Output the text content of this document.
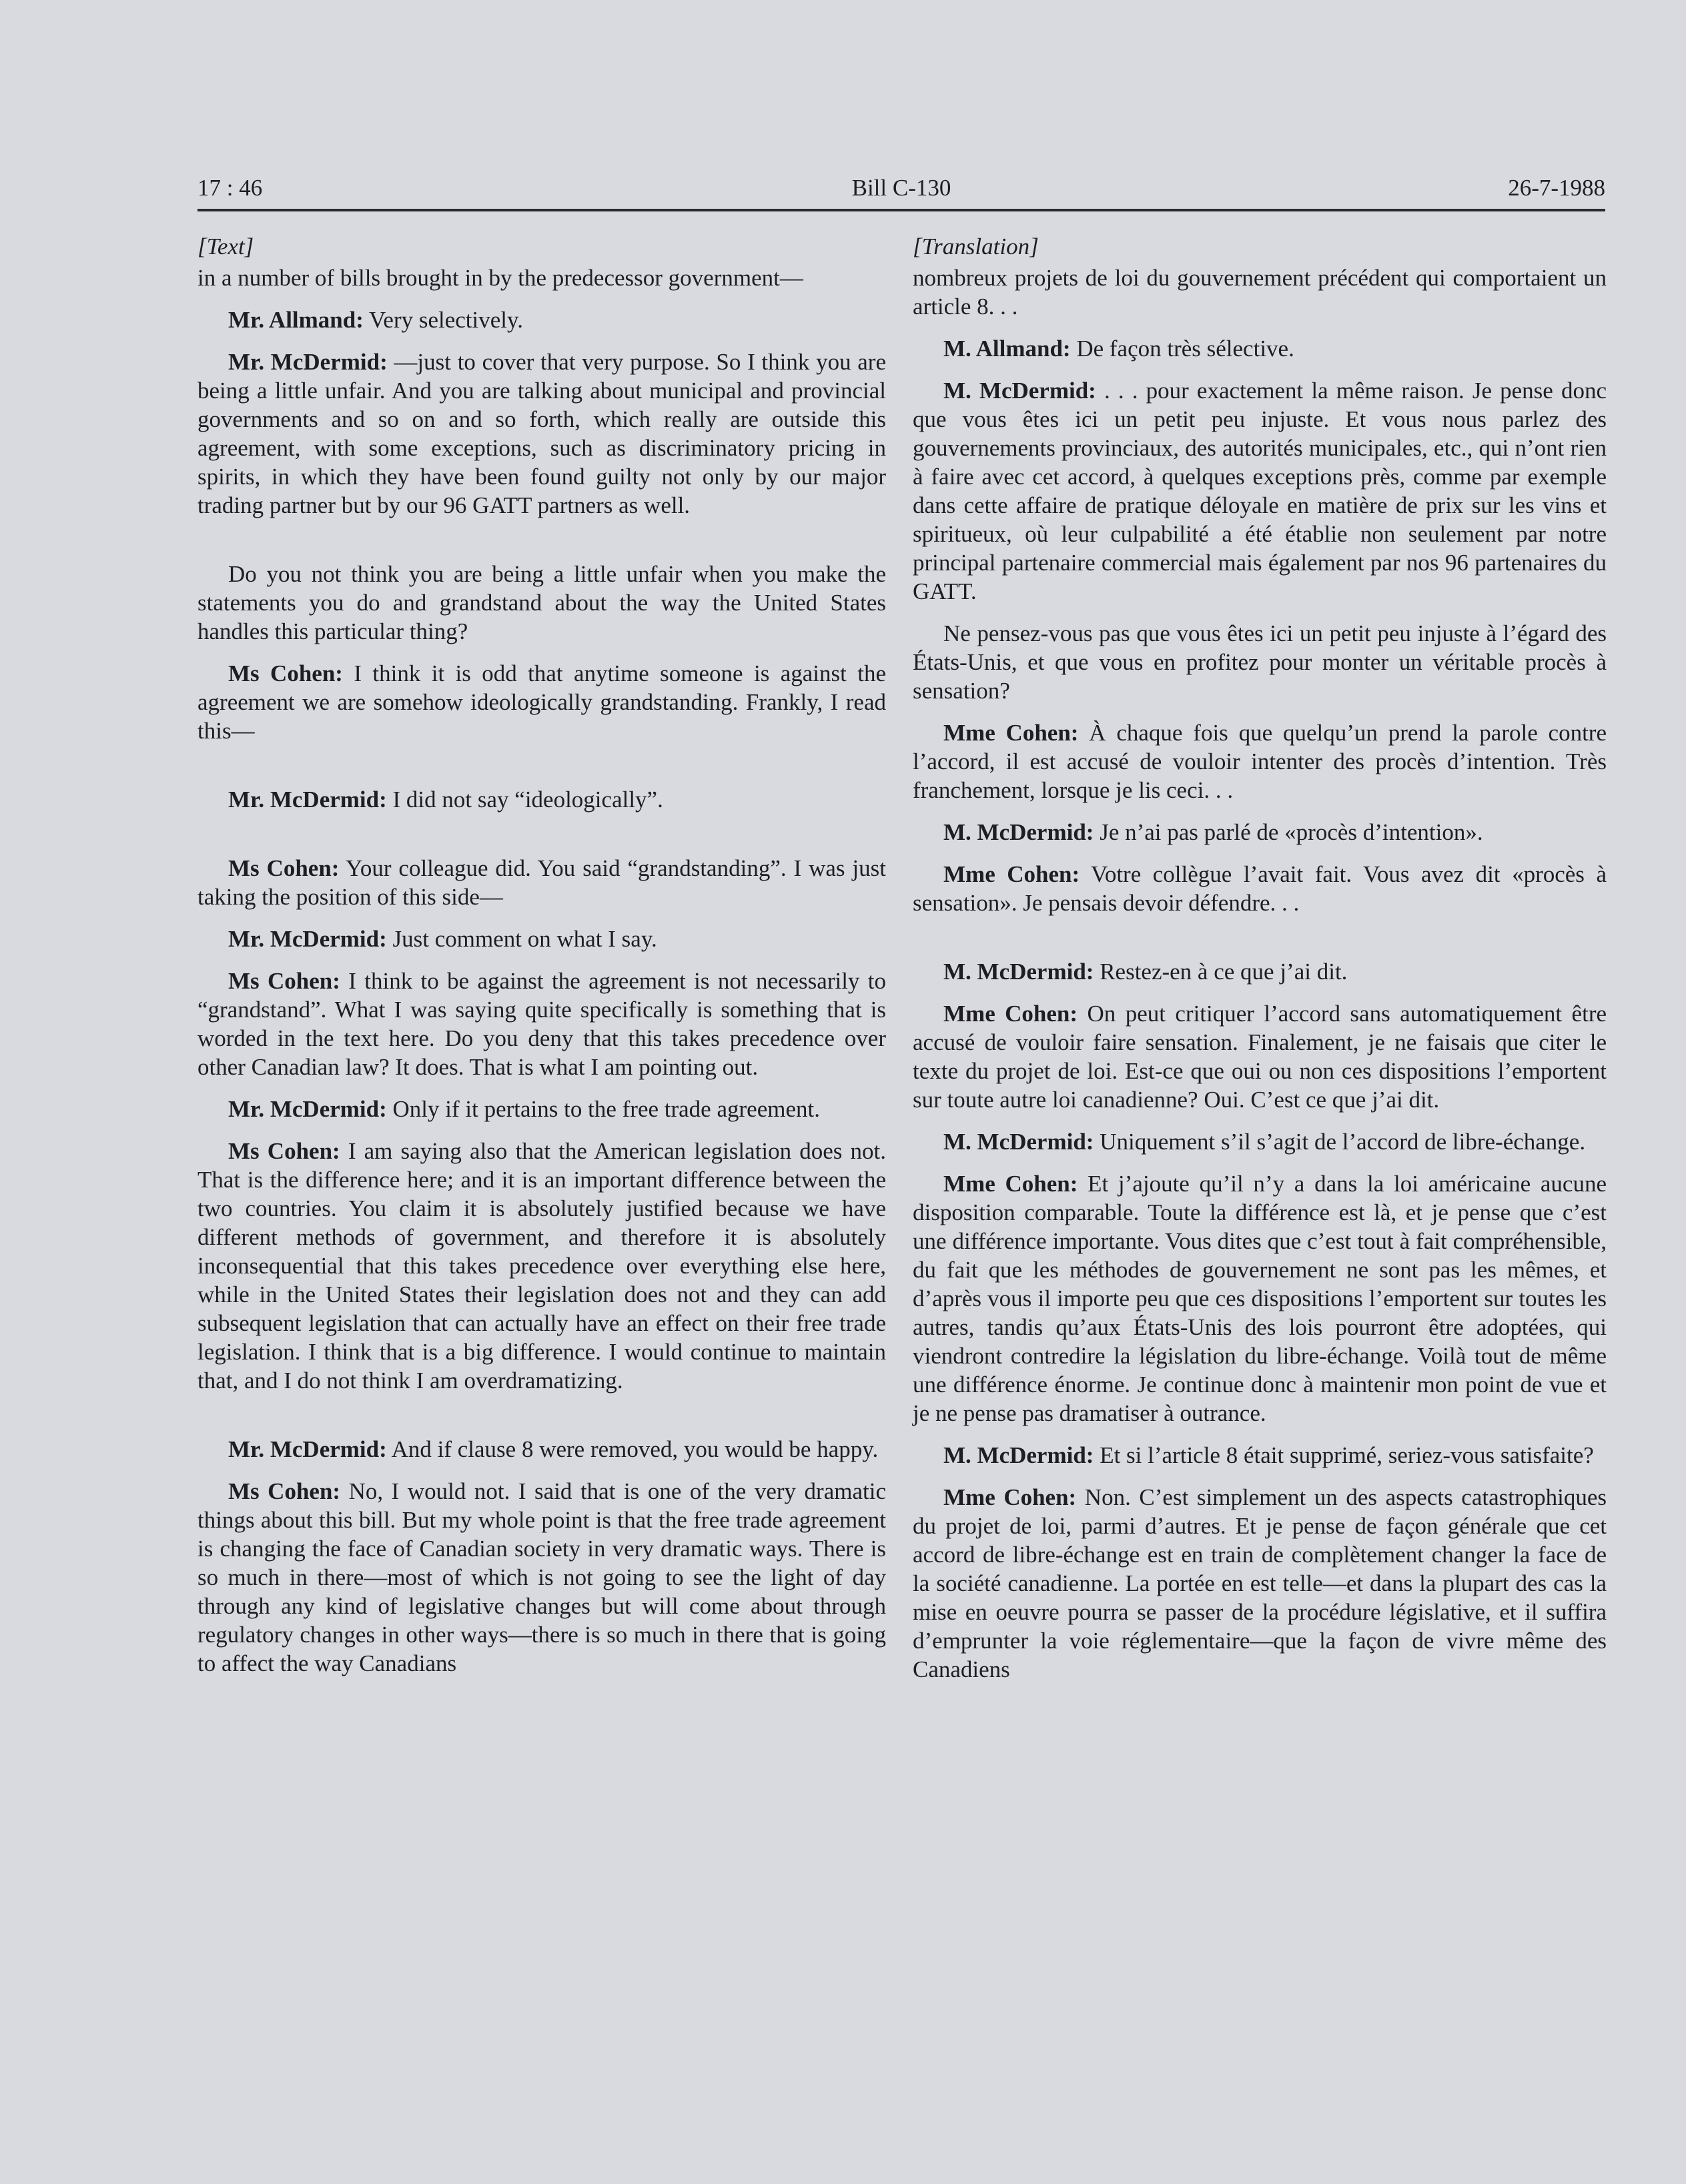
17 : 46	Bill C-130	26-7-1988
[Text]

in a number of bills brought in by the predecessor government—

Mr. Allmand: Very selectively.

Mr. McDermid: —just to cover that very purpose. So I think you are being a little unfair. And you are talking about municipal and provincial governments and so on and so forth, which really are outside this agreement, with some exceptions, such as discriminatory pricing in spirits, in which they have been found guilty not only by our major trading partner but by our 96 GATT partners as well.

Do you not think you are being a little unfair when you make the statements you do and grandstand about the way the United States handles this particular thing?

Ms Cohen: I think it is odd that anytime someone is against the agreement we are somehow ideologically grandstanding. Frankly, I read this—

Mr. McDermid: I did not say “ideologically”.

Ms Cohen: Your colleague did. You said “grandstanding”. I was just taking the position of this side—

Mr. McDermid: Just comment on what I say.

Ms Cohen: I think to be against the agreement is not necessarily to “grandstand”. What I was saying quite specifically is something that is worded in the text here. Do you deny that this takes precedence over other Canadian law? It does. That is what I am pointing out.

Mr. McDermid: Only if it pertains to the free trade agreement.

Ms Cohen: I am saying also that the American legislation does not. That is the difference here; and it is an important difference between the two countries. You claim it is absolutely justified because we have different methods of government, and therefore it is absolutely inconsequential that this takes precedence over everything else here, while in the United States their legislation does not and they can add subsequent legislation that can actually have an effect on their free trade legislation. I think that is a big difference. I would continue to maintain that, and I do not think I am overdramatizing.

Mr. McDermid: And if clause 8 were removed, you would be happy.

Ms Cohen: No, I would not. I said that is one of the very dramatic things about this bill. But my whole point is that the free trade agreement is changing the face of Canadian society in very dramatic ways. There is so much in there—most of which is not going to see the light of day through any kind of legislative changes but will come about through regulatory changes in other ways—there is so much in there that is going to affect the way Canadians

[Translation]

nombreux projets de loi du gouvernement précédent qui comportaient un article 8. . .

M. Allmand: De façon très sélective.

M. McDermid: . . . pour exactement la même raison. Je pense donc que vous êtes ici un petit peu injuste. Et vous nous parlez des gouvernements provinciaux, des autorités municipales, etc., qui n’ont rien à faire avec cet accord, à quelques exceptions près, comme par exemple dans cette affaire de pratique déloyale en matière de prix sur les vins et spiritueux, où leur culpabilité a été établie non seulement par notre principal partenaire commercial mais également par nos 96 partenaires du GATT.

Ne pensez-vous pas que vous êtes ici un petit peu injuste à l’égard des États-Unis, et que vous en profitez pour monter un véritable procès à sensation?

Mme Cohen: À chaque fois que quelqu’un prend la parole contre l’accord, il est accusé de vouloir intenter des procès d’intention. Très franchement, lorsque je lis ceci. . .

M. McDermid: Je n’ai pas parlé de «procès d’intention».

Mme Cohen: Votre collègue l’avait fait. Vous avez dit «procès à sensation». Je pensais devoir défendre. . .

M. McDermid: Restez-en à ce que j’ai dit.

Mme Cohen: On peut critiquer l’accord sans automatiquement être accusé de vouloir faire sensation. Finalement, je ne faisais que citer le texte du projet de loi. Est-ce que oui ou non ces dispositions l’emportent sur toute autre loi canadienne? Oui. C’est ce que j’ai dit.

M. McDermid: Uniquement s’il s’agit de l’accord de libre-échange.

Mme Cohen: Et j’ajoute qu’il n’y a dans la loi américaine aucune disposition comparable. Toute la différence est là, et je pense que c’est une différence importante. Vous dites que c’est tout à fait compréhensible, du fait que les méthodes de gouvernement ne sont pas les mêmes, et d’après vous il importe peu que ces dispositions l’emportent sur toutes les autres, tandis qu’aux États-Unis des lois pourront être adoptées, qui viendront contredire la législation du libre-échange. Voilà tout de même une différence énorme. Je continue donc à maintenir mon point de vue et je ne pense pas dramatiser à outrance.

M. McDermid: Et si l’article 8 était supprimé, seriez-vous satisfaite?

Mme Cohen: Non. C’est simplement un des aspects catastrophiques du projet de loi, parmi d’autres. Et je pense de façon générale que cet accord de libre-échange est en train de complètement changer la face de la société canadienne. La portée en est telle—et dans la plupart des cas la mise en oeuvre pourra se passer de la procédure législative, et il suffira d’emprunter la voie réglementaire—que la façon de vivre même des Canadiens
